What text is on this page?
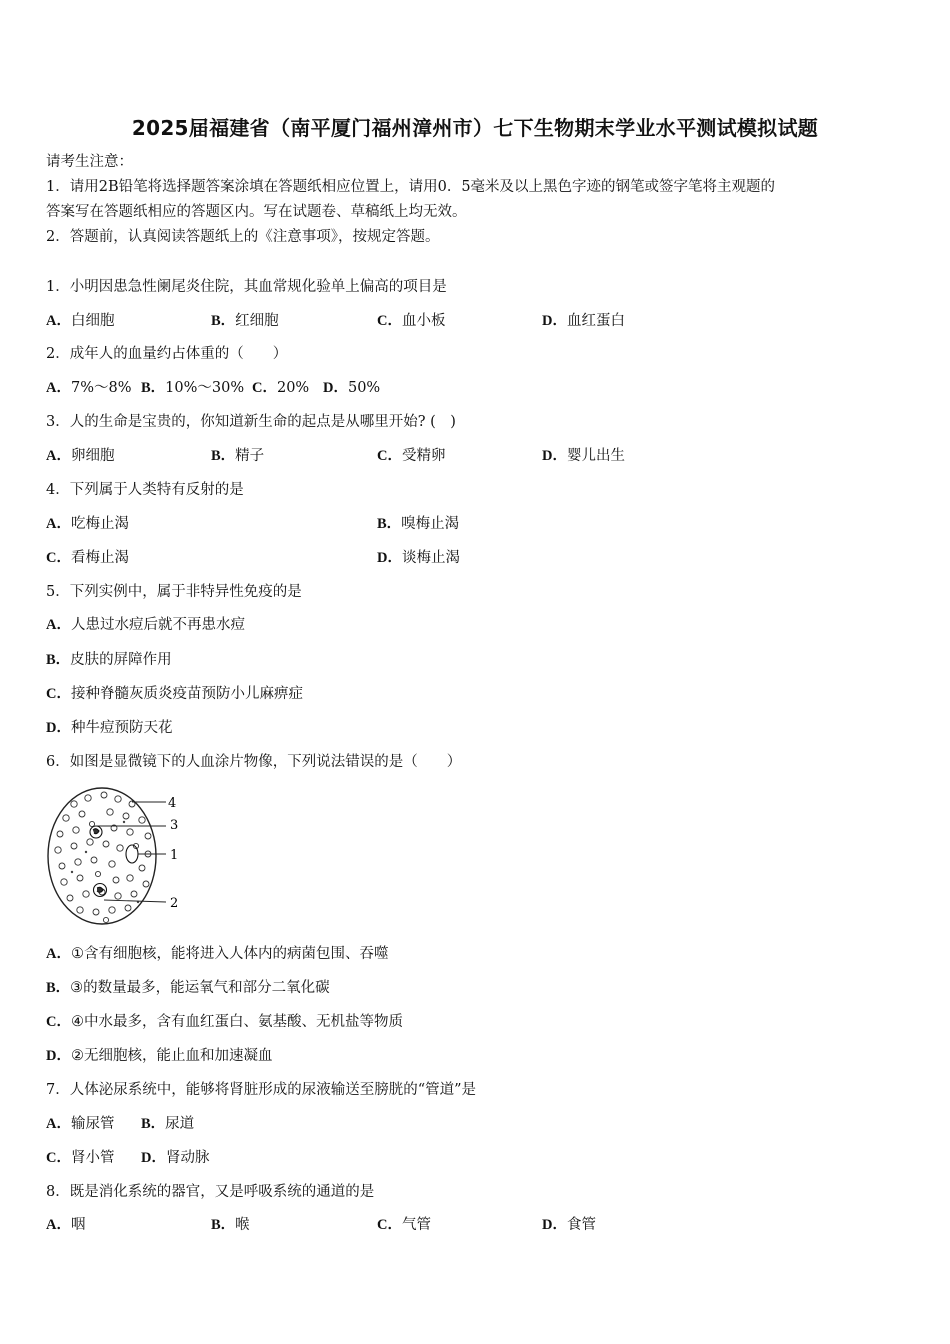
2025届福建省（南平厦门福州漳州市）七下生物期末学业水平测试模拟试题
请考生注意：
1．请用2B铅笔将选择题答案涂填在答题纸相应位置上，请用0．5毫米及以上黑色字迹的钢笔或签字笔将主观题的
答案写在答题纸相应的答题区内。写在试题卷、草稿纸上均无效。
2．答题前，认真阅读答题纸上的《注意事项》，按规定答题。
1．小明因患急性阑尾炎住院，其血常规化验单上偏高的项目是
A．白细胞	B．红细胞	C．血小板	D．血红蛋白
2．成年人的血量约占体重的（　　）
A．7%～8% B．10%～30% C．20% D．50%
3．人的生命是宝贵的，你知道新生命的起点是从哪里开始? (　)
A．卵细胞	B．精子	C．受精卵	D．婴儿出生
4．下列属于人类特有反射的是
A．吃梅止渴	B．嗅梅止渴
C．看梅止渴	D．谈梅止渴
5．下列实例中，属于非特异性免疫的是
A．人患过水痘后就不再患水痘
B．皮肤的屏障作用
C．接种脊髓灰质炎疫苗预防小儿麻痹症
D．种牛痘预防天花
6．如图是显微镜下的人血涂片物像，下列说法错误的是（　　）
4
3
1
2
A．①含有细胞核，能将进入人体内的病菌包围、吞噬
B．③的数量最多，能运氧气和部分二氧化碳
C．④中水最多，含有血红蛋白、氨基酸、无机盐等物质
D．②无细胞核，能止血和加速凝血
7．人体泌尿系统中，能够将肾脏形成的尿液输送至膀胱的“管道”是
A．输尿管 B．尿道
C．肾小管 D．肾动脉
8．既是消化系统的器官，又是呼吸系统的通道的是
A．咽	B．喉	C．气管	D．食管
